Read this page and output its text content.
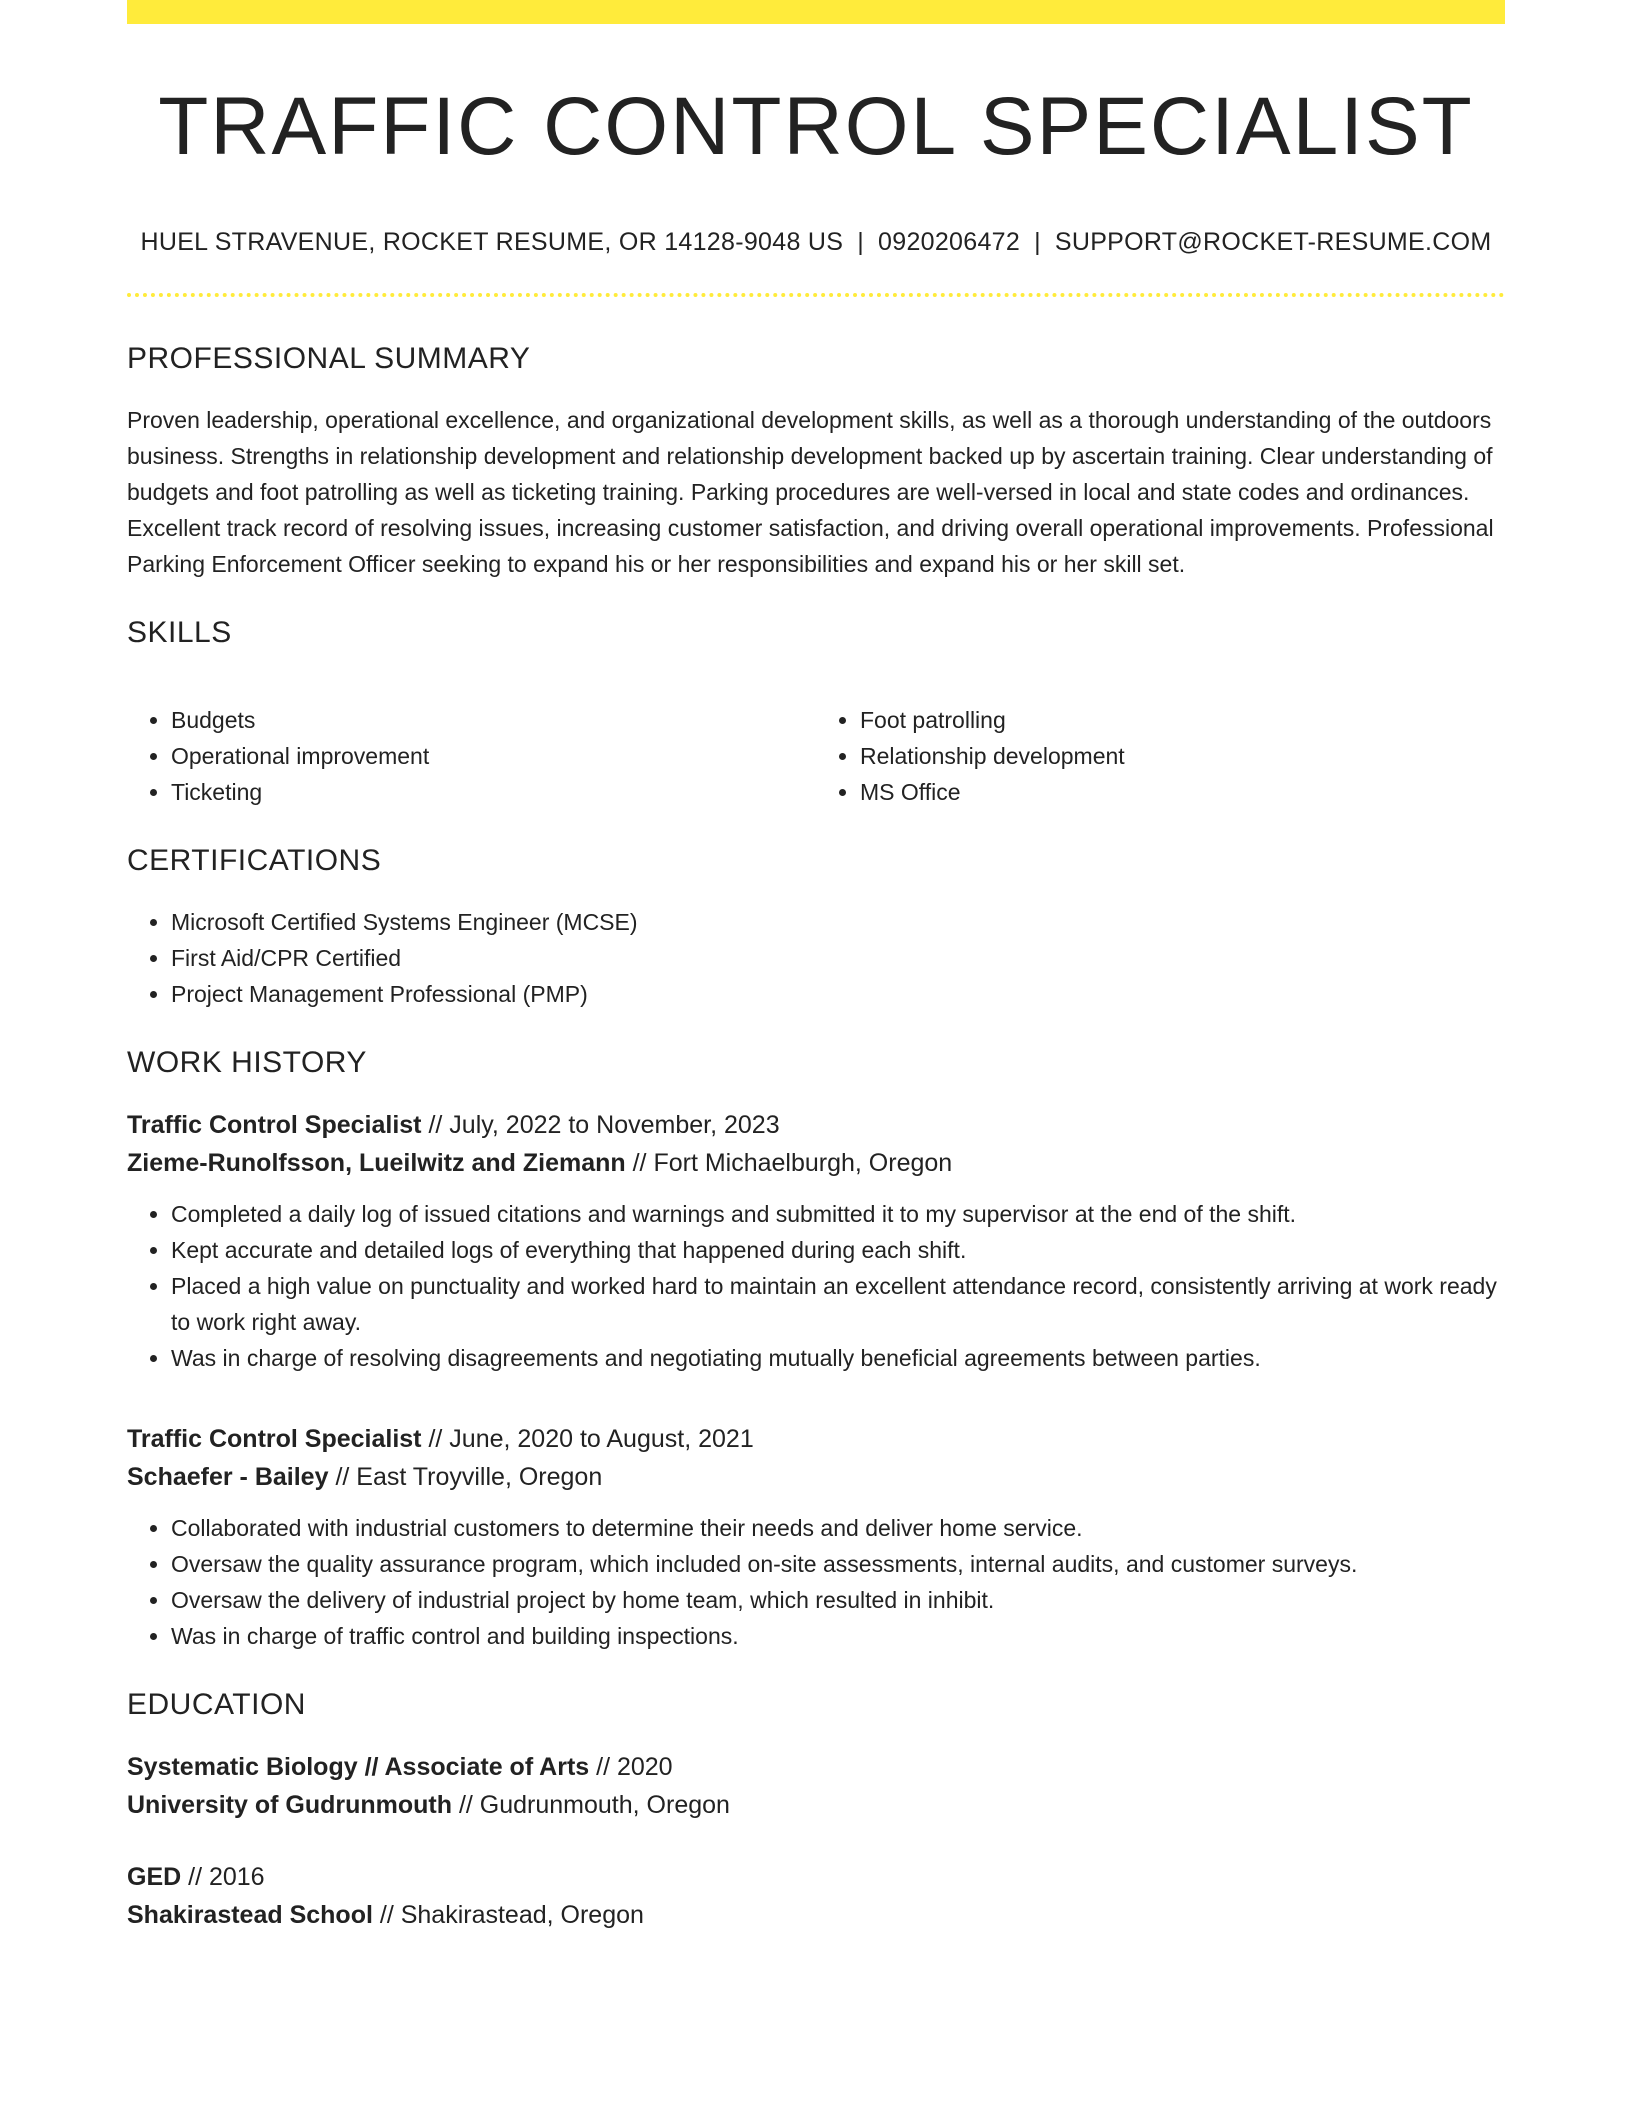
TRAFFIC CONTROL SPECIALIST
HUEL STRAVENUE, ROCKET RESUME, OR 14128-9048 US | 0920206472 | SUPPORT@ROCKET-RESUME.COM
PROFESSIONAL SUMMARY

Proven leadership, operational excellence, and organizational development skills, as well as a thorough understanding of the outdoors business. Strengths in relationship development and relationship development backed up by ascertain training. Clear understanding of budgets and foot patrolling as well as ticketing training. Parking procedures are well-versed in local and state codes and ordinances. Excellent track record of resolving issues, increasing customer satisfaction, and driving overall operational improvements. Professional Parking Enforcement Officer seeking to expand his or her responsibilities and expand his or her skill set.

SKILLS
• Budgets
• Operational improvement
• Ticketing
• Foot patrolling
• Relationship development
• MS Office
CERTIFICATIONS
• Microsoft Certified Systems Engineer (MCSE)
• First Aid/CPR Certified
• Project Management Professional (PMP)
WORK HISTORY
Traffic Control Specialist // July, 2022 to November, 2023
Zieme-Runolfsson, Lueilwitz and Ziemann // Fort Michaelburgh, Oregon
• Completed a daily log of issued citations and warnings and submitted it to my supervisor at the end of the shift.
• Kept accurate and detailed logs of everything that happened during each shift.
• Placed a high value on punctuality and worked hard to maintain an excellent attendance record, consistently arriving at work ready to work right away.
• Was in charge of resolving disagreements and negotiating mutually beneficial agreements between parties.
Traffic Control Specialist // June, 2020 to August, 2021
Schaefer - Bailey // East Troyville, Oregon
• Collaborated with industrial customers to determine their needs and deliver home service.
• Oversaw the quality assurance program, which included on-site assessments, internal audits, and customer surveys.
• Oversaw the delivery of industrial project by home team, which resulted in inhibit.
• Was in charge of traffic control and building inspections.
EDUCATION
Systematic Biology // Associate of Arts // 2020
University of Gudrunmouth // Gudrunmouth, Oregon
GED // 2016
Shakirastead School // Shakirastead, Oregon
